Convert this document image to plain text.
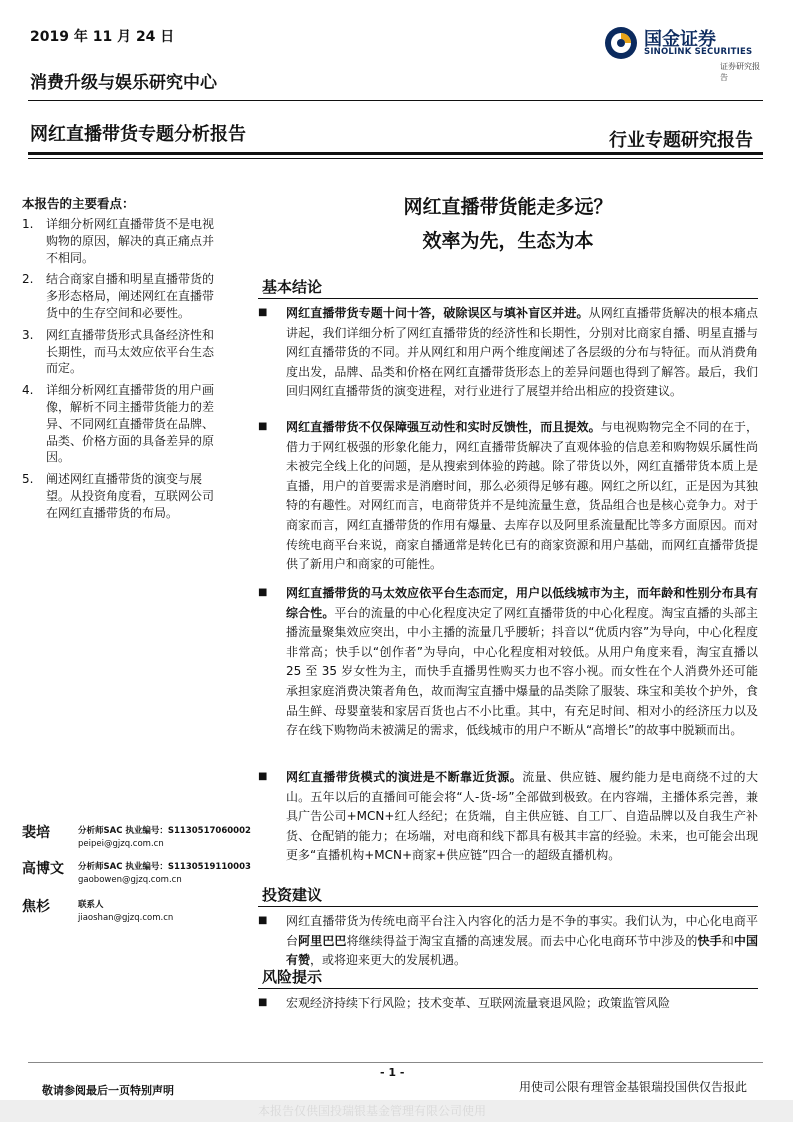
2019 年 11 月 24 日
消费升级与娱乐研究中心
国金证券
SINOLINK SECURITIES
证券研究报告
网红直播带货专题分析报告	行业专题研究报告
本报告的主要看点：
1.	详细分析网红直播带货不是电视购物的原因，解决的真正痛点并不相同。
2.	结合商家自播和明星直播带货的多形态格局，阐述网红在直播带货中的生存空间和必要性。
3.	网红直播带货形式具备经济性和长期性，而马太效应依平台生态而定。
4.	详细分析网红直播带货的用户画像，解析不同主播带货能力的差异、不同网红直播带货在品牌、品类、价格方面的具备差异的原因。
5.	阐述网红直播带货的演变与展望。从投资角度看，互联网公司在网红直播带货的布局。
裴培	分析师SAC 执业编号：S1130517060002
peipei@gjzq.com.cn
高博文 分析师SAC 执业编号：S1130519110003
gaobowen@gjzq.com.cn
焦杉	联系人
jiaoshan@gjzq.com.cn
网红直播带货能走多远？
效率为先，生态为本
基本结论
■	网红直播带货专题十问十答，破除误区与填补盲区并进。从网红直播带货解决的根本痛点讲起，我们详细分析了网红直播带货的经济性和长期性，分别对比商家自播、明星直播与网红直播带货的不同。并从网红和用户两个维度阐述了各层级的分布与特征。而从消费角度出发，品牌、品类和价格在网红直播带货形态上的差异问题也得到了解答。最后，我们回归网红直播带货的演变进程，对行业进行了展望并给出相应的投资建议。
■	网红直播带货不仅保障强互动性和实时反馈性，而且提效。与电视购物完全不同的在于，借力于网红极强的形象化能力，网红直播带货解决了直观体验的信息差和购物娱乐属性尚未被完全线上化的问题，是从搜索到体验的跨越。除了带货以外，网红直播带货本质上是直播，用户的首要需求是消磨时间，那么必须得足够有趣。网红之所以红，正是因为其独特的有趣性。对网红而言，电商带货并不是纯流量生意，货品组合也是核心竞争力。对于商家而言，网红直播带货的作用有爆量、去库存以及阿里系流量配比等多方面原因。而对传统电商平台来说，商家自播通常是转化已有的商家资源和用户基础，而网红直播带货提供了新用户和商家的可能性。
■	网红直播带货的马太效应依平台生态而定，用户以低线城市为主，而年龄和性别分布具有综合性。平台的流量的中心化程度决定了网红直播带货的中心化程度。淘宝直播的头部主播流量聚集效应突出，中小主播的流量几乎腰斩；抖音以“优质内容”为导向，中心化程度非常高；快手以“创作者”为导向，中心化程度相对较低。从用户角度来看，淘宝直播以 25 至 35 岁女性为主，而快手直播男性购买力也不容小视。而女性在个人消费外还可能承担家庭消费决策者角色，故而淘宝直播中爆量的品类除了服装、珠宝和美妆个护外，食品生鲜、母婴童装和家居百货也占不小比重。其中，有充足时间、相对小的经济压力以及存在线下购物尚未被满足的需求，低线城市的用户不断从“高增长”的故事中脱颖而出。
■	网红直播带货模式的演进是不断靠近货源。流量、供应链、履约能力是电商绕不过的大山。五年以后的直播间可能会将“人-货-场”全部做到极致。在内容端，主播体系完善，兼具广告公司+MCN+红人经纪；在货端，自主供应链、自工厂、自造品牌以及自我生产补货、仓配销的能力；在场端，对电商和线下都具有极其丰富的经验。未来，也可能会出现更多“直播机构+MCN+商家+供应链”四合一的超级直播机构。
投资建议
■	网红直播带货为传统电商平台注入内容化的活力是不争的事实。我们认为，中心化电商平台阿里巴巴将继续得益于淘宝直播的高速发展。而去中心化电商环节中涉及的快手和中国有赞，或将迎来更大的发展机遇。
风险提示
■	宏观经济持续下行风险；技术变革、互联网流量衰退风险；政策监管风险
- 1 -
敬请参阅最后一页特别声明	用使司公限有理管金基银瑞投国供仅告报此
本报告仅供国投瑞银基金管理有限公司使用
